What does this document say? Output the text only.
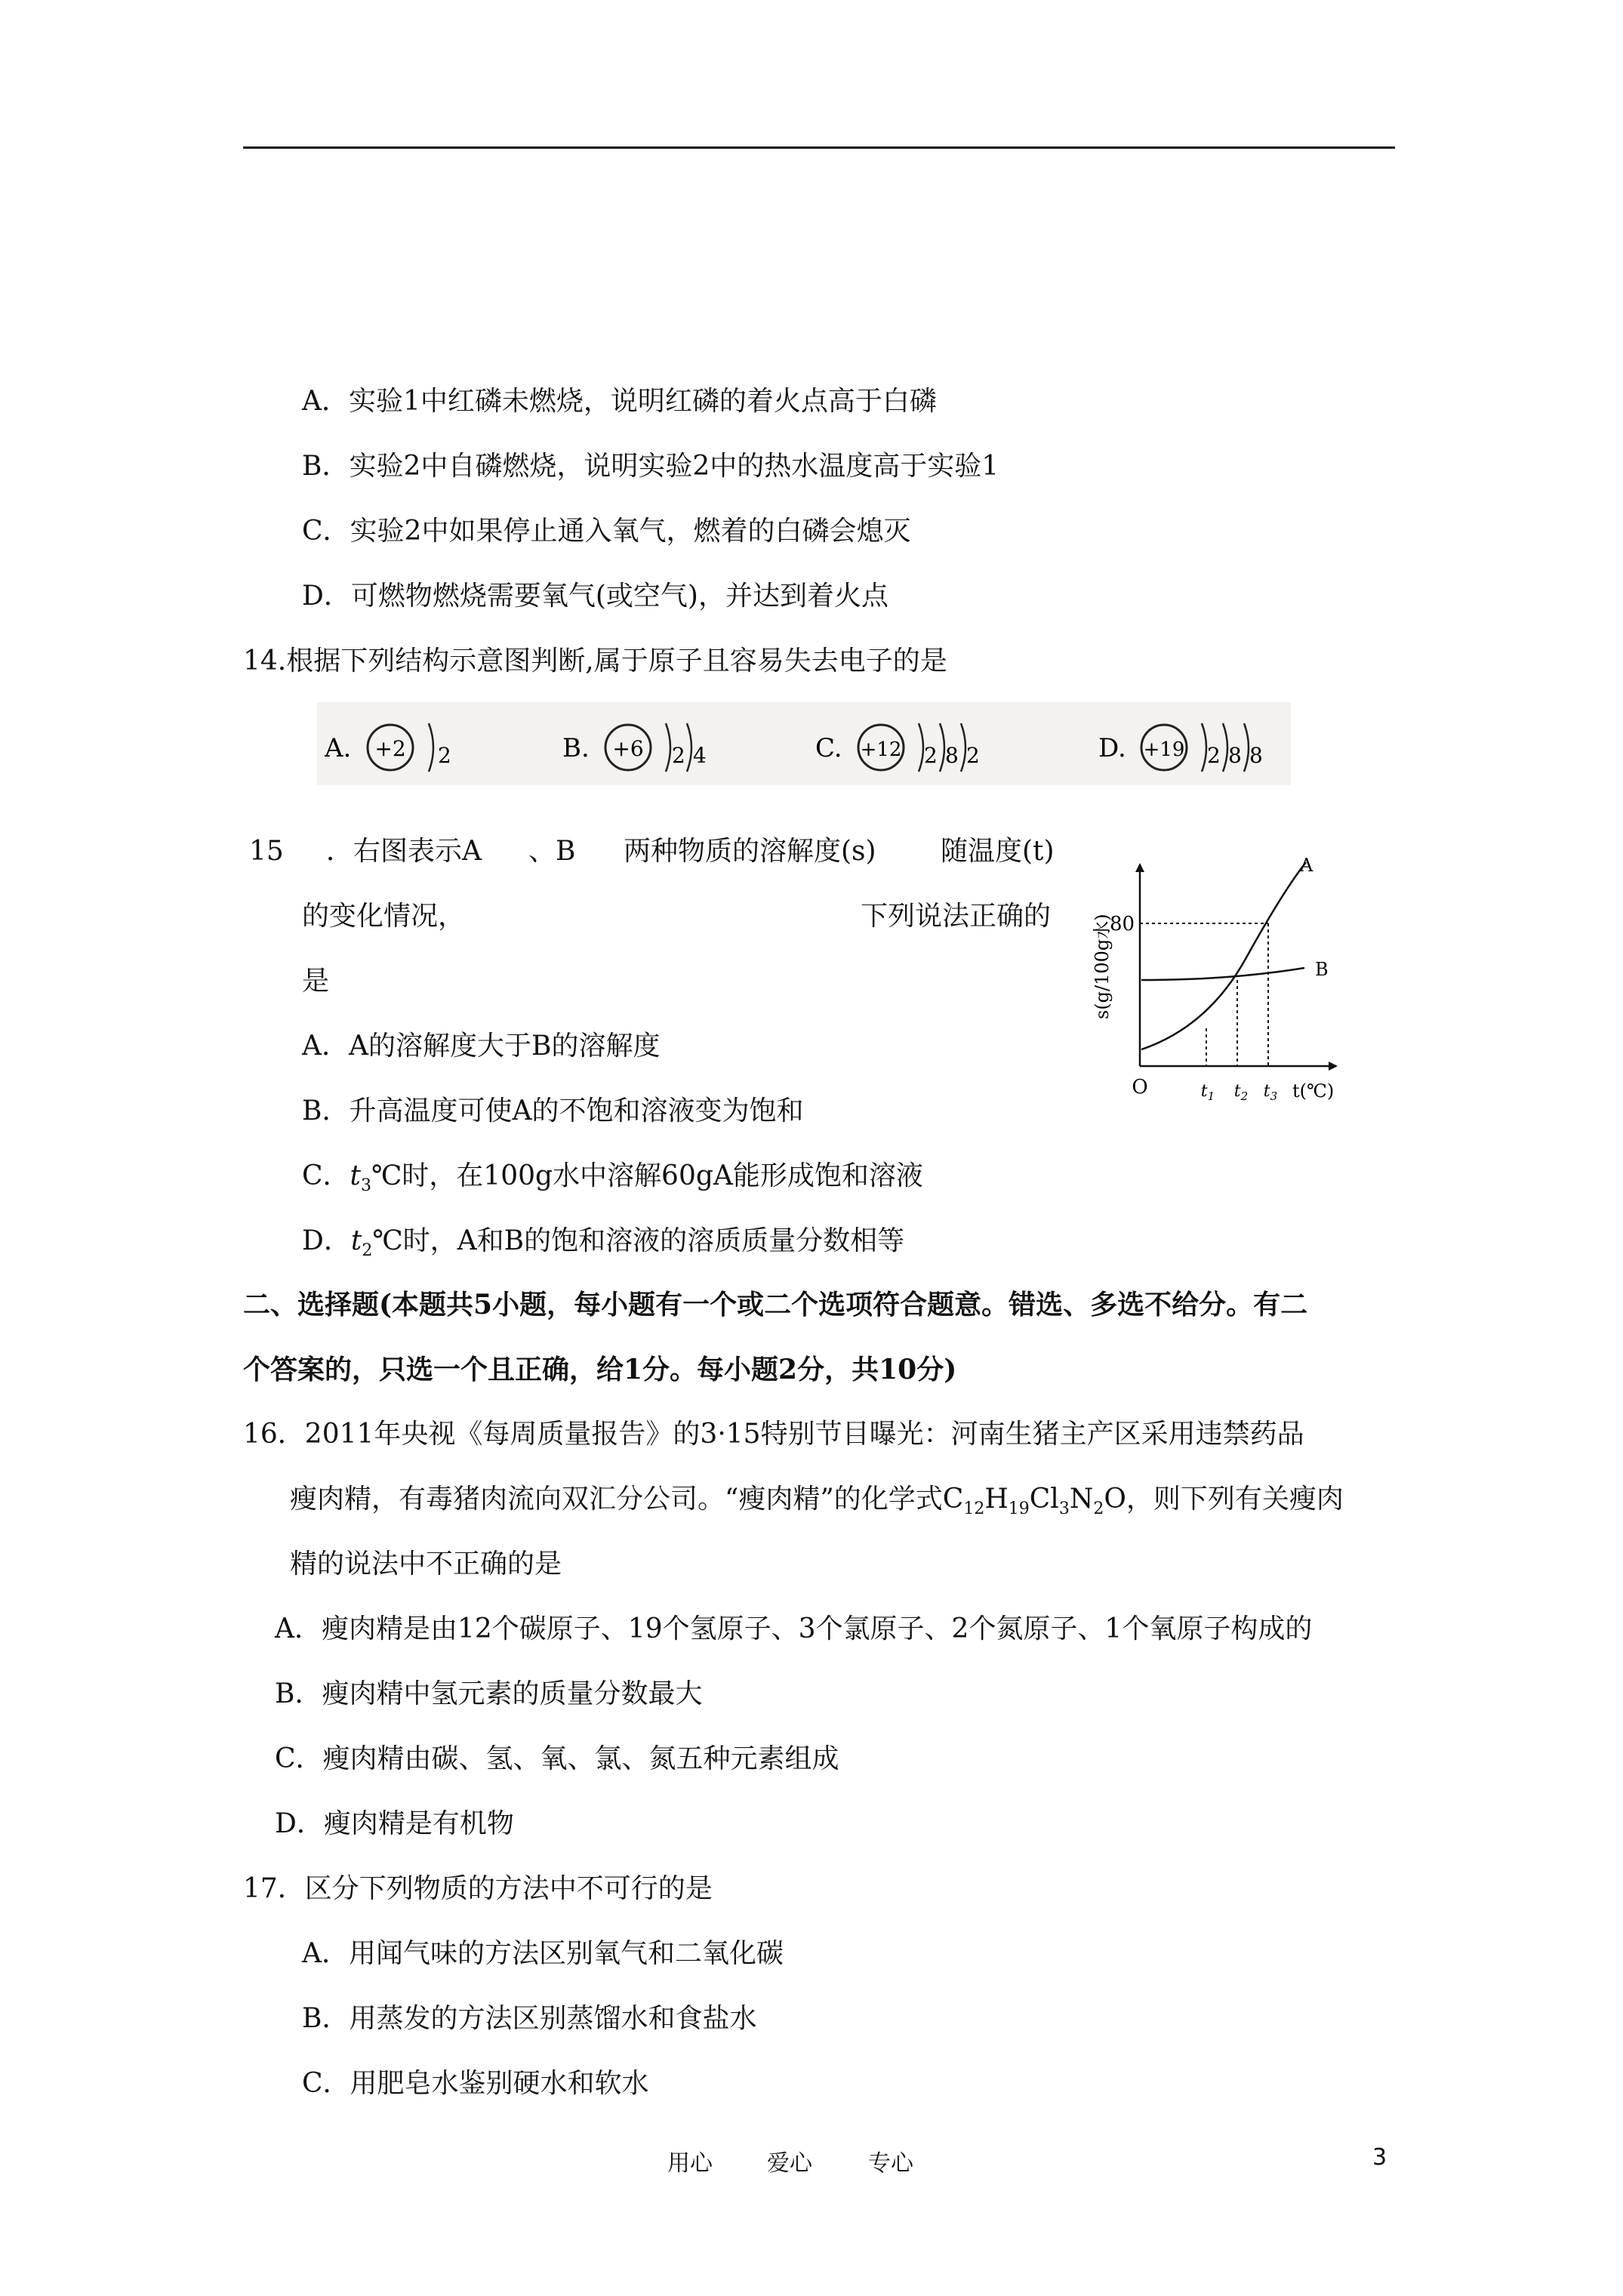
A．实验1中红磷未燃烧，说明红磷的着火点高于白磷
B．实验2中自磷燃烧，说明实验2中的热水温度高于实验1
C．实验2中如果停止通入氧气，燃着的白磷会熄灭
D．可燃物燃烧需要氧气(或空气)，并达到着火点
14.根据下列结构示意图判断,属于原子且容易失去电子的是
A. +2 2	B. +6 2 4	C. +12 2 8 2	D. +19 2 8 8
15 ．右图表示A 、B 两种物质的溶解度(s) 随温度(t)
的变化情况，	下列说法正确的
是
A．A的溶解度大于B的溶解度
B．升高温度可使A的不饱和溶液变为饱和
C．$t_3℃$时，在100g水中溶解60gA能形成饱和溶液
D．$t_2℃$时，A和B的饱和溶液的溶质质量分数相等
s(g/100g水)
t(℃)
O
80
$t_1$ $t_2$ $t_3$
A
B
二、选择题(本题共5小题，每小题有一个或二个选项符合题意。错选、多选不给分。有二
个答案的，只选一个且正确，给1分。每小题2分，共10分)
16．2011年央视《每周质量报告》的3·15特别节目曝光：河南生猪主产区采用违禁药品
瘦肉精，有毒猪肉流向双汇分公司。“瘦肉精”的化学式$C_{12}H_{19}Cl_3N_2O$，则下列有关瘦肉
精的说法中不正确的是
A．瘦肉精是由12个碳原子、19个氢原子、3个氯原子、2个氮原子、1个氧原子构成的
B．瘦肉精中氢元素的质量分数最大
C．瘦肉精由碳、氢、氧、氯、氮五种元素组成
D．瘦肉精是有机物
17．区分下列物质的方法中不可行的是
A．用闻气味的方法区别氧气和二氧化碳
B．用蒸发的方法区别蒸馏水和食盐水
C．用肥皂水鉴别硬水和软水
用心 爱心 专心	3
